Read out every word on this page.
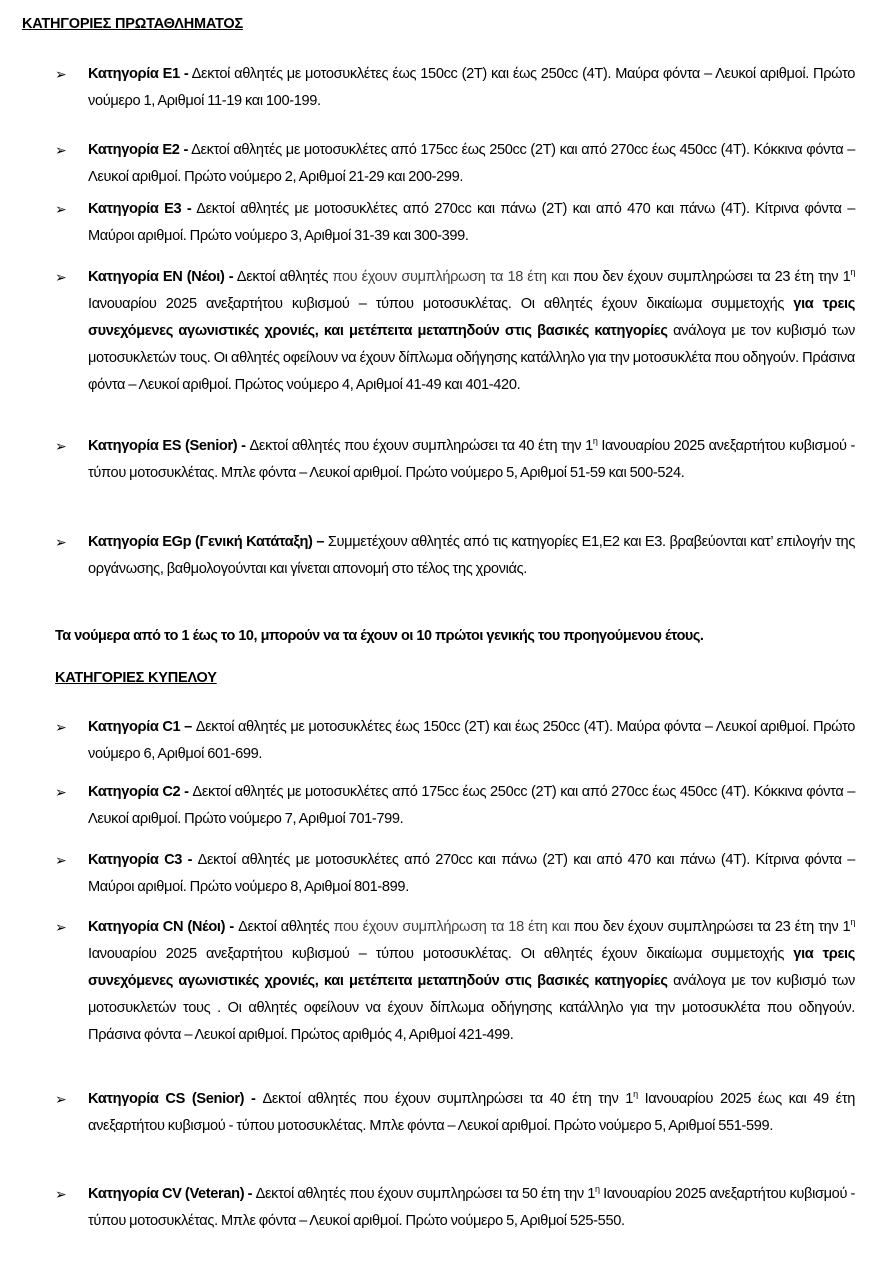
ΚΑΤΗΓΟΡΙΕΣ ΠΡΩΤΑΘΛΗΜΑΤΟΣ
➢	Κατηγορία Ε1 - Δεκτοί αθλητές με μοτοσυκλέτες έως 150cc (2T) και έως 250cc (4T). Μαύρα φόντα – Λευκοί αριθμοί. Πρώτο νούμερο 1, Αριθμοί 11-19 και 100-199.
➢	Κατηγορία Ε2 - Δεκτοί αθλητές με μοτοσυκλέτες από 175cc έως 250cc (2T) και από 270cc έως 450cc (4T). Κόκκινα φόντα – Λευκοί αριθμοί. Πρώτο νούμερο 2, Αριθμοί 21-29 και 200-299.
➢	Κατηγορία Ε3 - Δεκτοί αθλητές με μοτοσυκλέτες από 270cc και πάνω (2T) και από 470 και πάνω (4T). Κίτρινα φόντα – Μαύροι αριθμοί. Πρώτο νούμερο 3, Αριθμοί 31-39 και 300-399.
➢	Κατηγορία ΕΝ (Νέοι) - Δεκτοί αθλητές που έχουν συμπλήρωση τα 18 έτη και που δεν έχουν συμπληρώσει τα 23 έτη την $1^\eta$ Ιανουαρίου 2025 ανεξαρτήτου κυβισμού – τύπου μοτοσυκλέτας. Οι αθλητές έχουν δικαίωμα συμμετοχής για τρεις συνεχόμενες αγωνιστικές χρονιές, και μετέπειτα μεταπηδούν στις βασικές κατηγορίες ανάλογα με τον κυβισμό των μοτοσυκλετών τους. Οι αθλητές οφείλουν να έχουν δίπλωμα οδήγησης κατάλληλο για την μοτοσυκλέτα που οδηγούν. Πράσινα φόντα – Λευκοί αριθμοί. Πρώτος νούμερο 4, Αριθμοί 41-49 και 401-420.
➢	Κατηγορία ES (Senior) - Δεκτοί αθλητές που έχουν συμπληρώσει τα 40 έτη την $1^\eta$ Ιανουαρίου 2025 ανεξαρτήτου κυβισμού - τύπου μοτοσυκλέτας. Μπλε φόντα – Λευκοί αριθμοί. Πρώτο νούμερο 5, Αριθμοί 51-59 και 500-524.
➢	Κατηγορία EGp (Γενική Κατάταξη) – Συμμετέχουν αθλητές από τις κατηγορίες Ε1,Ε2 και Ε3. βραβεύονται κατ’ επιλογήν της οργάνωσης, βαθμολογούνται και γίνεται απονομή στο τέλος της χρονιάς.
Τα νούμερα από το 1 έως το 10, μπορούν να τα έχουν οι 10 πρώτοι γενικής του προηγούμενου έτους.
ΚΑΤΗΓΟΡΙΕΣ ΚΥΠΕΛΟΥ
➢	Κατηγορία C1 – Δεκτοί αθλητές με μοτοσυκλέτες έως 150cc (2T) και έως 250cc (4T). Μαύρα φόντα – Λευκοί αριθμοί. Πρώτο νούμερο 6, Αριθμοί 601-699.
➢	Κατηγορία C2 - Δεκτοί αθλητές με μοτοσυκλέτες από 175cc έως 250cc (2T) και από 270cc έως 450cc (4T). Κόκκινα φόντα – Λευκοί αριθμοί. Πρώτο νούμερο 7, Αριθμοί 701-799.
➢	Κατηγορία C3 - Δεκτοί αθλητές με μοτοσυκλέτες από 270cc και πάνω (2T) και από 470 και πάνω (4T). Κίτρινα φόντα – Μαύροι αριθμοί. Πρώτο νούμερο 8, Αριθμοί 801-899.
➢	Κατηγορία CN (Νέοι) - Δεκτοί αθλητές που έχουν συμπλήρωση τα 18 έτη και που δεν έχουν συμπληρώσει τα 23 έτη την $1^\eta$ Ιανουαρίου 2025 ανεξαρτήτου κυβισμού – τύπου μοτοσυκλέτας. Οι αθλητές έχουν δικαίωμα συμμετοχής για τρεις συνεχόμενες αγωνιστικές χρονιές, και μετέπειτα μεταπηδούν στις βασικές κατηγορίες ανάλογα με τον κυβισμό των μοτοσυκλετών τους . Οι αθλητές οφείλουν να έχουν δίπλωμα οδήγησης κατάλληλο για την μοτοσυκλέτα που οδηγούν. Πράσινα φόντα – Λευκοί αριθμοί. Πρώτος αριθμός 4, Αριθμοί 421-499.
➢	Κατηγορία CS (Senior) - Δεκτοί αθλητές που έχουν συμπληρώσει τα 40 έτη την $1^\eta$ Ιανουαρίου 2025 έως και 49 έτη ανεξαρτήτου κυβισμού - τύπου μοτοσυκλέτας. Μπλε φόντα – Λευκοί αριθμοί. Πρώτο νούμερο 5, Αριθμοί 551-599.
➢	Κατηγορία CV (Veteran) - Δεκτοί αθλητές που έχουν συμπληρώσει τα 50 έτη την $1^\eta$ Ιανουαρίου 2025 ανεξαρτήτου κυβισμού - τύπου μοτοσυκλέτας. Μπλε φόντα – Λευκοί αριθμοί. Πρώτο νούμερο 5, Αριθμοί 525-550.
